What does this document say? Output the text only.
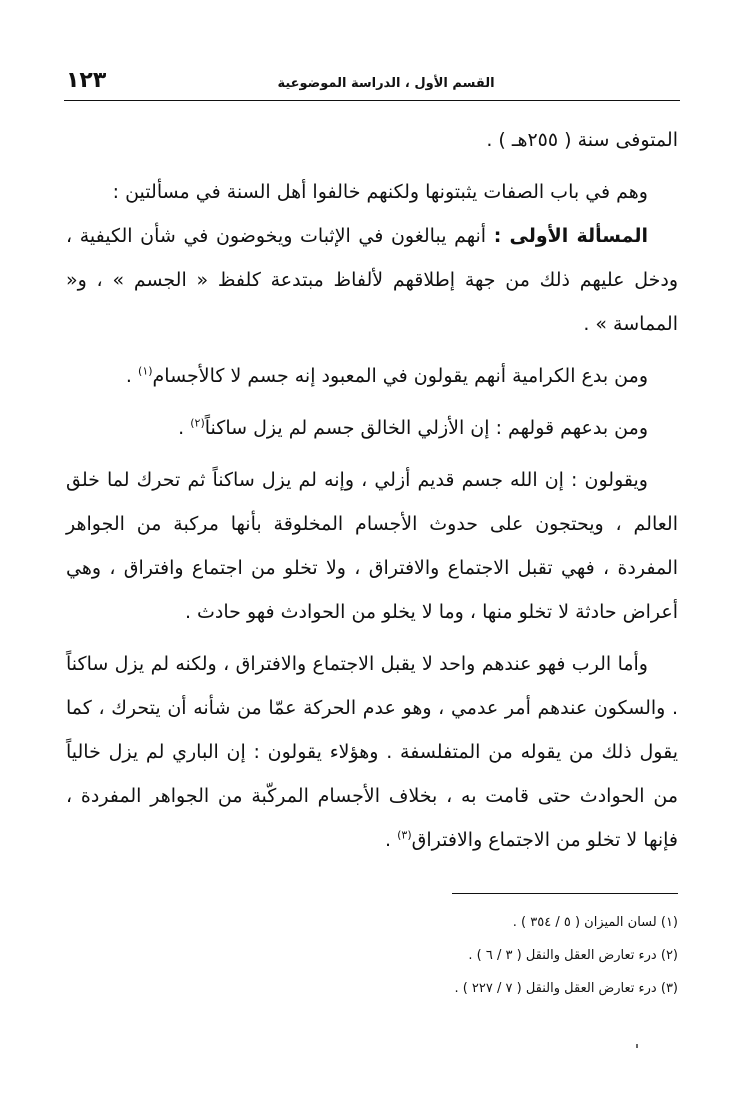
١٢٣	القسم الأول ، الدراسة الموضوعية

المتوفى سنة ( ٢٥٥هـ ) .

وهم في باب الصفات يثبتونها ولكنهم خالفوا أهل السنة في مسألتين :

المسألة الأولى : أنهم يبالغون في الإثبات ويخوضون في شأن الكيفية ، ودخل عليهم ذلك من جهة إطلاقهم لألفاظ مبتدعة كلفظ « الجسم » ، و« المماسة » .

ومن بدع الكرامية أنهم يقولون في المعبود إنه جسم لا كالأجسام$^{(١)}$ .

ومن بدعهم قولهم : إن الأزلي الخالق جسم لم يزل ساكناً$^{(٢)}$ .

ويقولون : إن الله جسم قديم أزلي ، وإنه لم يزل ساكناً ثم تحرك لما خلق العالم ، ويحتجون على حدوث الأجسام المخلوقة بأنها مركبة من الجواهر المفردة ، فهي تقبل الاجتماع والافتراق ، ولا تخلو من اجتماع وافتراق ، وهي أعراض حادثة لا تخلو منها ، وما لا يخلو من الحوادث فهو حادث .

وأما الرب فهو عندهم واحد لا يقبل الاجتماع والافتراق ، ولكنه لم يزل ساكناً . والسكون عندهم أمر عدمي ، وهو عدم الحركة عمّا من شأنه أن يتحرك ، كما يقول ذلك من يقوله من المتفلسفة . وهؤلاء يقولون : إن الباري لم يزل خالياً من الحوادث حتى قامت به ، بخلاف الأجسام المركّبة من الجواهر المفردة ، فإنها لا تخلو من الاجتماع والافتراق$^{(٣)}$ .

(١) لسان الميزان ( ٥ / ٣٥٤ ) .

(٢) درء تعارض العقل والنقل ( ٣ / ٦ ) .

(٣) درء تعارض العقل والنقل ( ٧ / ٢٢٧ ) .
